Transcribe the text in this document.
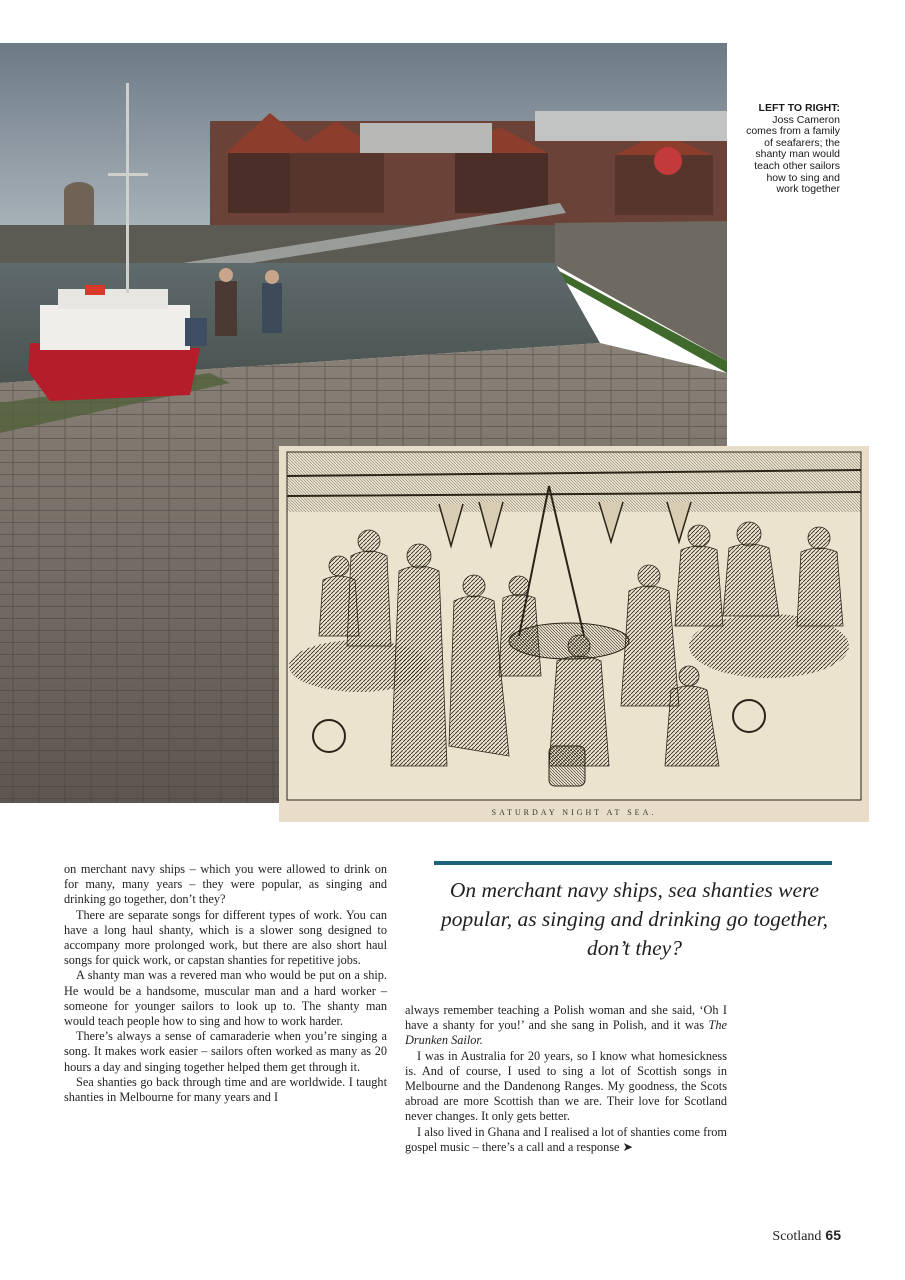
SATURDAY NIGHT AT SEA.
LEFT TO RIGHT:
Joss Cameron comes from a family of seafarers; the shanty man would teach other sailors how to sing and work together

on merchant navy ships – which you were allowed to drink on for many, many years – they were popular, as singing and drinking go together, don’t they?

There are separate songs for different types of work. You can have a long haul shanty, which is a slower song designed to accompany more prolonged work, but there are also short haul songs for quick work, or capstan shanties for repetitive jobs.

A shanty man was a revered man who would be put on a ship. He would be a handsome, muscular man and a hard worker – someone for younger sailors to look up to. The shanty man would teach people how to sing and how to work harder.

There’s always a sense of camaraderie when you’re singing a song. It makes work easier – sailors often worked as many as 20 hours a day and singing together helped them get through it.

Sea shanties go back through time and are worldwide. I taught shanties in Melbourne for many years and I

On merchant navy ships, sea shanties were popular, as singing and drinking go together, don’t they?

always remember teaching a Polish woman and she said, ‘Oh I have a shanty for you!’ and she sang in Polish, and it was The Drunken Sailor.

I was in Australia for 20 years, so I know what homesickness is. And of course, I used to sing a lot of Scottish songs in Melbourne and the Dandenong Ranges. My goodness, the Scots abroad are more Scottish than we are. Their love for Scotland never changes. It only gets better.

I also lived in Ghana and I realised a lot of shanties come from gospel music – there’s a call and a response ➤

Scotland 65
